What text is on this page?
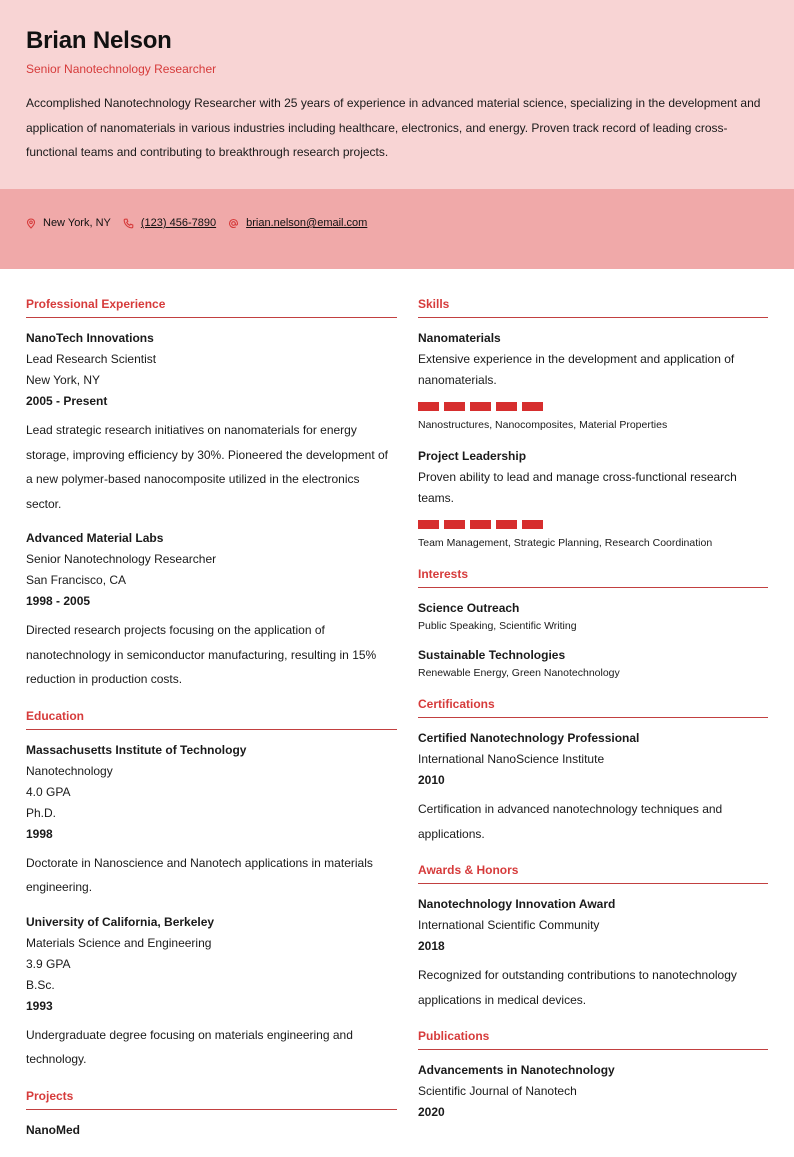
Brian Nelson
Senior Nanotechnology Researcher
Accomplished Nanotechnology Researcher with 25 years of experience in advanced material science, specializing in the development and application of nanomaterials in various industries including healthcare, electronics, and energy. Proven track record of leading cross-functional teams and contributing to breakthrough research projects.
New York, NY	(123) 456-7890	brian.nelson@email.com
Professional Experience
NanoTech Innovations
Lead Research Scientist
New York, NY
2005 - Present
Lead strategic research initiatives on nanomaterials for energy storage, improving efficiency by 30%. Pioneered the development of a new polymer-based nanocomposite utilized in the electronics sector.
Advanced Material Labs
Senior Nanotechnology Researcher
San Francisco, CA
1998 - 2005
Directed research projects focusing on the application of nanotechnology in semiconductor manufacturing, resulting in 15% reduction in production costs.
Education
Massachusetts Institute of Technology
Nanotechnology
4.0 GPA
Ph.D.
1998
Doctorate in Nanoscience and Nanotech applications in materials engineering.
University of California, Berkeley
Materials Science and Engineering
3.9 GPA
B.Sc.
1993
Undergraduate degree focusing on materials engineering and technology.
Projects
NanoMed
Skills
Nanomaterials
Extensive experience in the development and application of nanomaterials.
Nanostructures, Nanocomposites, Material Properties
Project Leadership
Proven ability to lead and manage cross-functional research teams.
Team Management, Strategic Planning, Research Coordination
Interests
Science Outreach
Public Speaking, Scientific Writing
Sustainable Technologies
Renewable Energy, Green Nanotechnology
Certifications
Certified Nanotechnology Professional
International NanoScience Institute
2010
Certification in advanced nanotechnology techniques and applications.
Awards & Honors
Nanotechnology Innovation Award
International Scientific Community
2018
Recognized for outstanding contributions to nanotechnology applications in medical devices.
Publications
Advancements in Nanotechnology
Scientific Journal of Nanotech
2020
